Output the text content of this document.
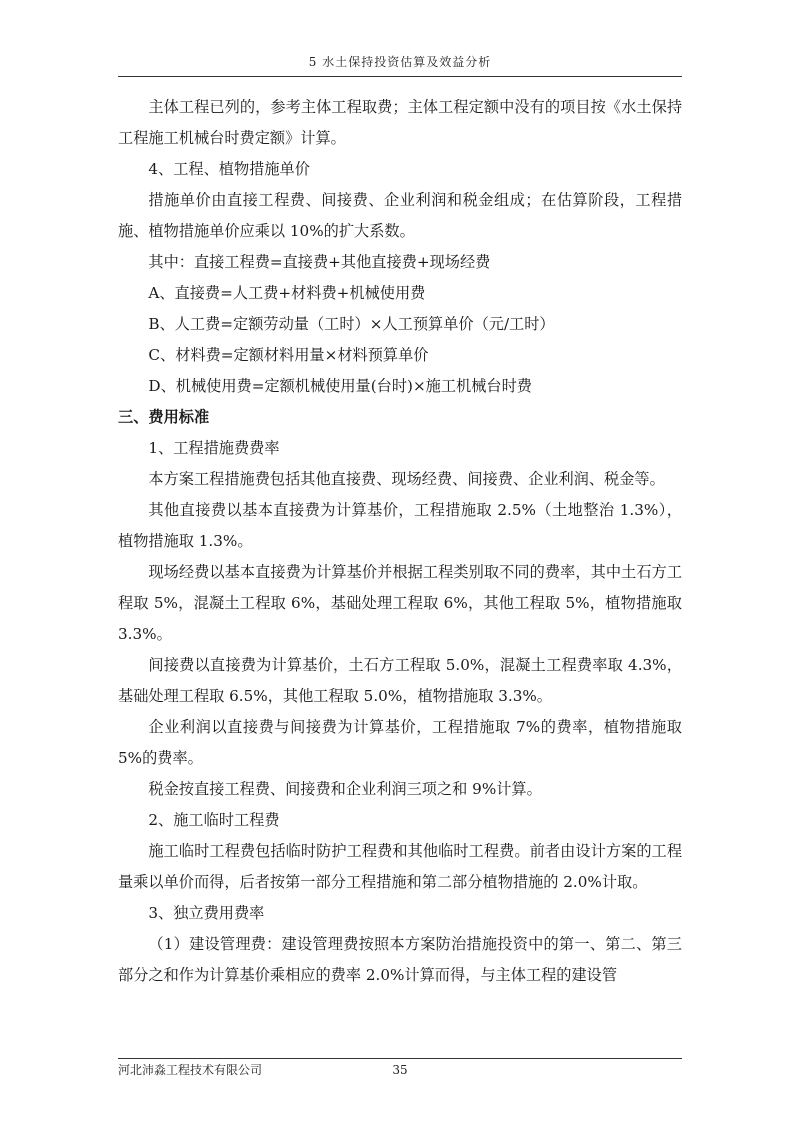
5 水土保持投资估算及效益分析

主体工程已列的，参考主体工程取费；主体工程定额中没有的项目按《水土保持工程施工机械台时费定额》计算。

4、工程、植物措施单价

措施单价由直接工程费、间接费、企业利润和税金组成；在估算阶段，工程措施、植物措施单价应乘以 10%的扩大系数。

其中：直接工程费=直接费+其他直接费+现场经费

A、直接费=人工费+材料费+机械使用费

B、人工费=定额劳动量（工时）×人工预算单价（元/工时）

C、材料费=定额材料用量×材料预算单价

D、机械使用费=定额机械使用量(台时)×施工机械台时费

三、费用标准

1、工程措施费费率

本方案工程措施费包括其他直接费、现场经费、间接费、企业利润、税金等。

其他直接费以基本直接费为计算基价，工程措施取 2.5%（土地整治 1.3%），植物措施取 1.3%。

现场经费以基本直接费为计算基价并根据工程类别取不同的费率，其中土石方工程取 5%，混凝土工程取 6%，基础处理工程取 6%，其他工程取 5%，植物措施取 3.3%。

间接费以直接费为计算基价，土石方工程取 5.0%，混凝土工程费率取 4.3%，基础处理工程取 6.5%，其他工程取 5.0%，植物措施取 3.3%。

企业利润以直接费与间接费为计算基价，工程措施取 7%的费率，植物措施取 5%的费率。

税金按直接工程费、间接费和企业利润三项之和 9%计算。

2、施工临时工程费

施工临时工程费包括临时防护工程费和其他临时工程费。前者由设计方案的工程量乘以单价而得，后者按第一部分工程措施和第二部分植物措施的 2.0%计取。

3、独立费用费率

（1）建设管理费：建设管理费按照本方案防治措施投资中的第一、第二、第三部分之和作为计算基价乘相应的费率 2.0%计算而得，与主体工程的建设管

河北沛淼工程技术有限公司	35
